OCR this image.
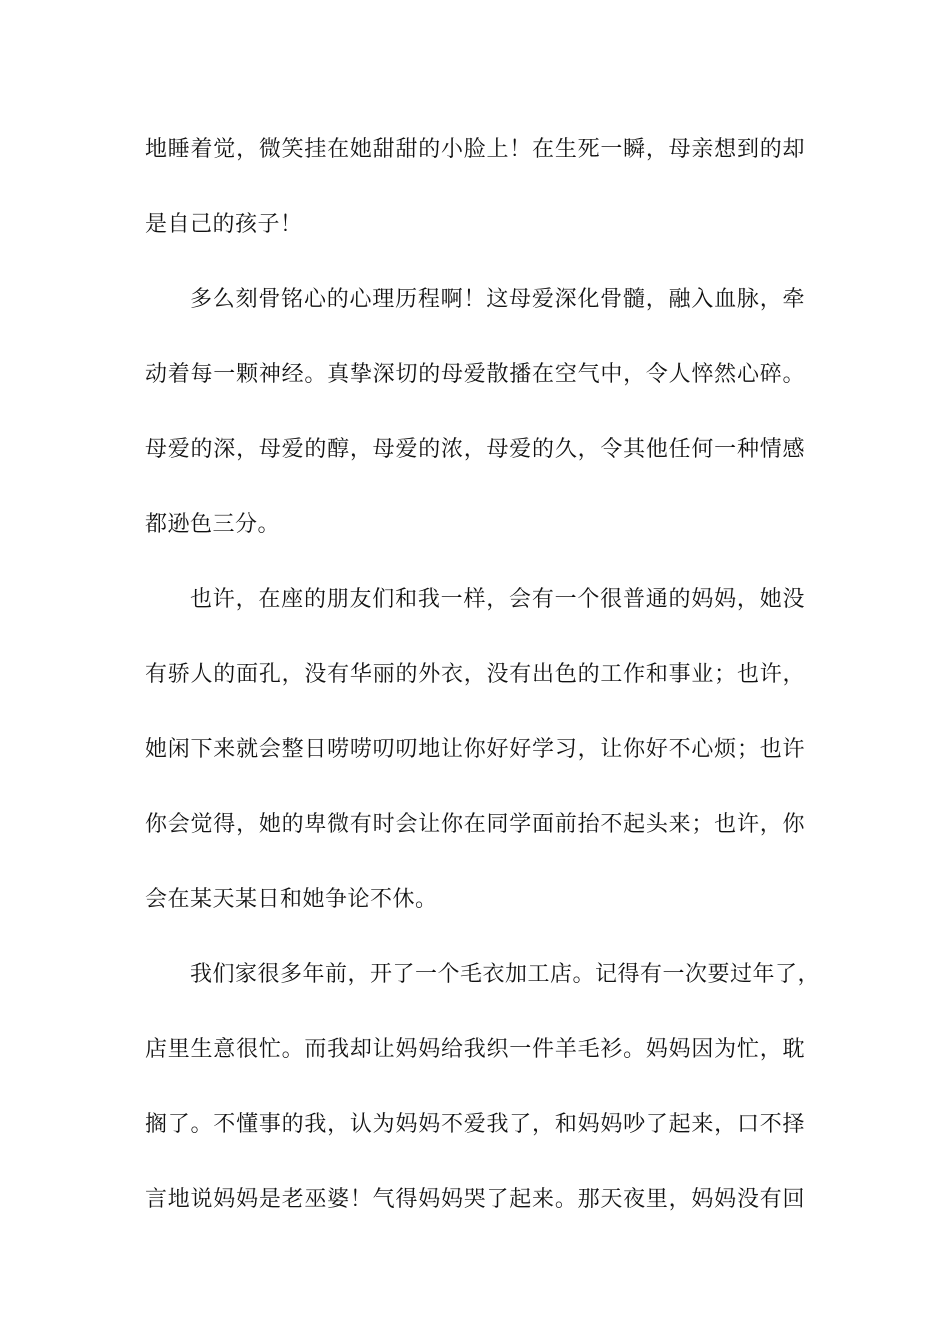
地睡着觉，微笑挂在她甜甜的小脸上！在生死一瞬，母亲想到的却
是自己的孩子！
多么刻骨铭心的心理历程啊！这母爱深化骨髓，融入血脉，牵
动着每一颗神经。真挚深切的母爱散播在空气中，令人悴然心碎。
母爱的深，母爱的醇，母爱的浓，母爱的久，令其他任何一种情感
都逊色三分。
也许，在座的朋友们和我一样，会有一个很普通的妈妈，她没
有骄人的面孔，没有华丽的外衣，没有出色的工作和事业；也许，
她闲下来就会整日唠唠叨叨地让你好好学习，让你好不心烦；也许
你会觉得，她的卑微有时会让你在同学面前抬不起头来；也许，你
会在某天某日和她争论不休。
我们家很多年前，开了一个毛衣加工店。记得有一次要过年了，
店里生意很忙。而我却让妈妈给我织一件羊毛衫。妈妈因为忙，耽
搁了。不懂事的我，认为妈妈不爱我了，和妈妈吵了起来，口不择
言地说妈妈是老巫婆！气得妈妈哭了起来。那天夜里，妈妈没有回
